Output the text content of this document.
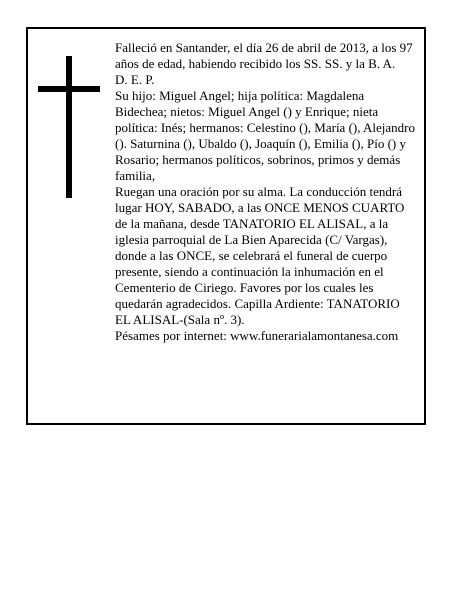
Falleció en Santander, el día 26 de abril de 2013, a los 97 años de edad, habiendo recibido los SS. SS. y la B. A.

D. E. P.

Su hijo: Miguel Angel; hija política: Magdalena Bidechea; nietos: Miguel Angel () y Enrique; nieta política: Inés; hermanos: Celestino (), María (), Alejandro (). Saturnina (), Ubaldo (), Joaquín (), Emilia (), Pío () y Rosario; hermanos políticos, sobrinos, primos y demás familia,

Ruegan una oración por su alma. La conducción tendrá lugar HOY, SABADO, a las ONCE MENOS CUARTO de la mañana, desde TANATORIO EL ALISAL, a la iglesia parroquial de La Bien Aparecida (C/ Vargas), donde a las ONCE, se celebrará el funeral de cuerpo presente, siendo a continuación la inhumación en el Cementerio de Ciriego. Favores por los cuales les quedarán agradecidos. Capilla Ardiente: TANATORIO EL ALISAL-(Sala nº. 3).

Pésames por internet: www.funerarialamontanesa.com
